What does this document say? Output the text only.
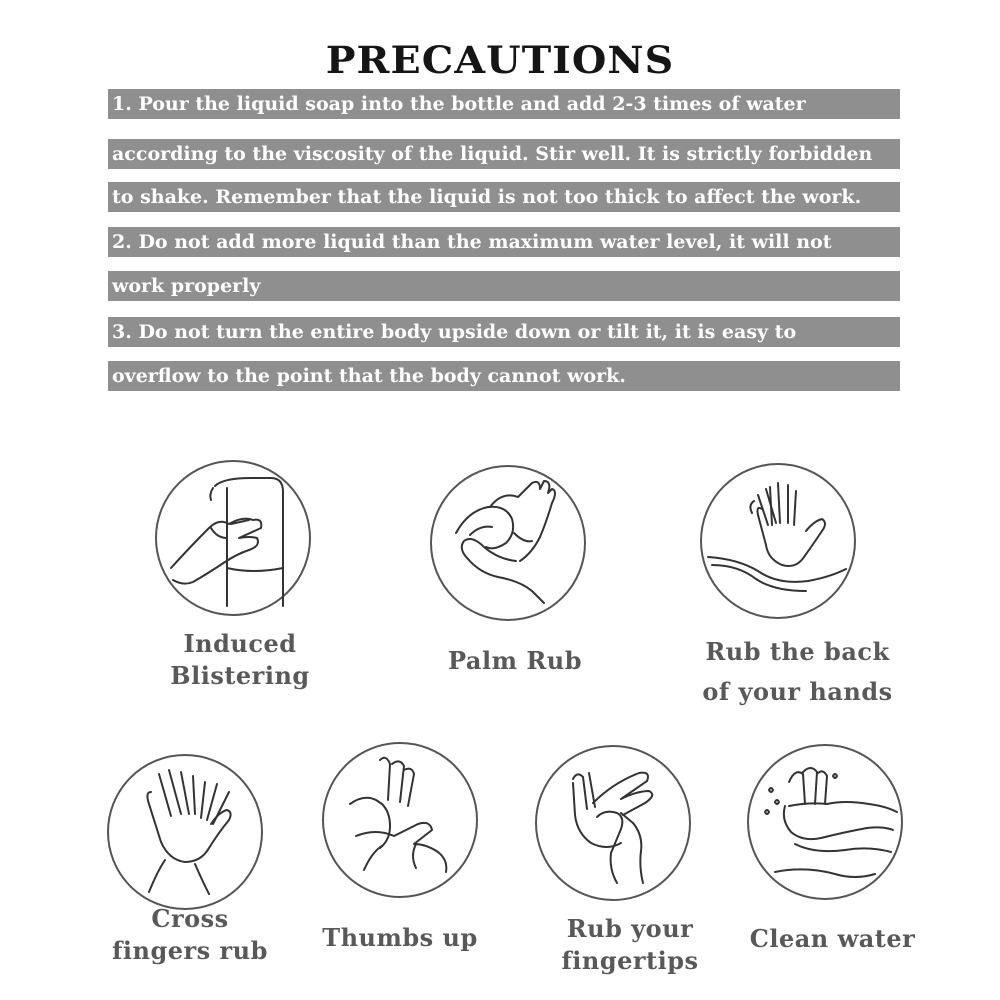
PRECAUTIONS
1. Pour the liquid soap into the bottle and add 2-3 times of water
according to the viscosity of the liquid. Stir well. It is strictly forbidden
to shake. Remember that the liquid is not too thick to affect the work.
2. Do not add more liquid than the maximum water level, it will not
work properly
3. Do not turn the entire body upside down or tilt it, it is easy to
overflow to the point that the body cannot work.
Induced
Blistering
Palm Rub	Rub the back
of your hands
Cross
fingers rub	Thumbs up	Rub your
fingertips
Clean water
